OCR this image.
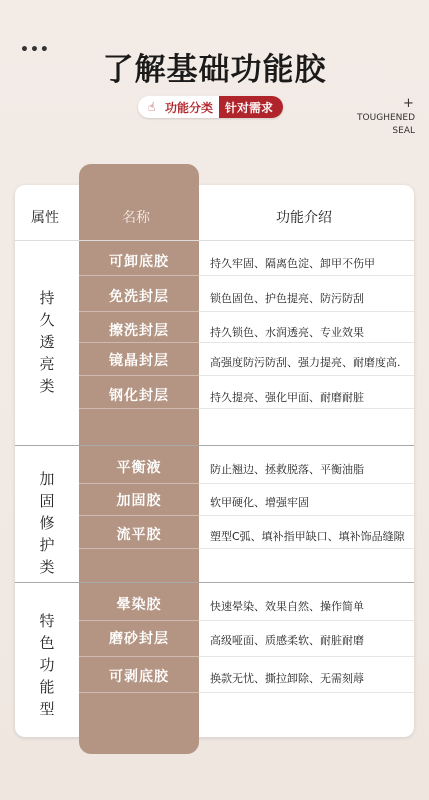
•••
了解基础功能胶
☝ 功能分类	针对需求	+
TOUGHENED
SEAL
属性	名称	功能介绍
持
久
透
亮
类
可卸底胶	持久牢固、隔离色淀、卸甲不伤甲
免洗封层	锁色固色、护色提亮、防污防刮
擦洗封层	持久锁色、水润透亮、专业效果
镜晶封层	高强度防污防刮、强力提亮、耐磨度高.
钢化封层	持久提亮、强化甲面、耐磨耐脏
加
固
修
护
类
平衡液	防止翘边、拯救脱落、平衡油脂
加固胶	软甲硬化、增强牢固
流平胶	塑型C弧、填补指甲缺口、填补饰品缝隙
特
色
功
能
型
晕染胶	快速晕染、效果自然、操作简单
磨砂封层	高级哑面、质感柔软、耐脏耐磨
可剥底胶	换款无忧、撕拉卸除、无需刻蓐
